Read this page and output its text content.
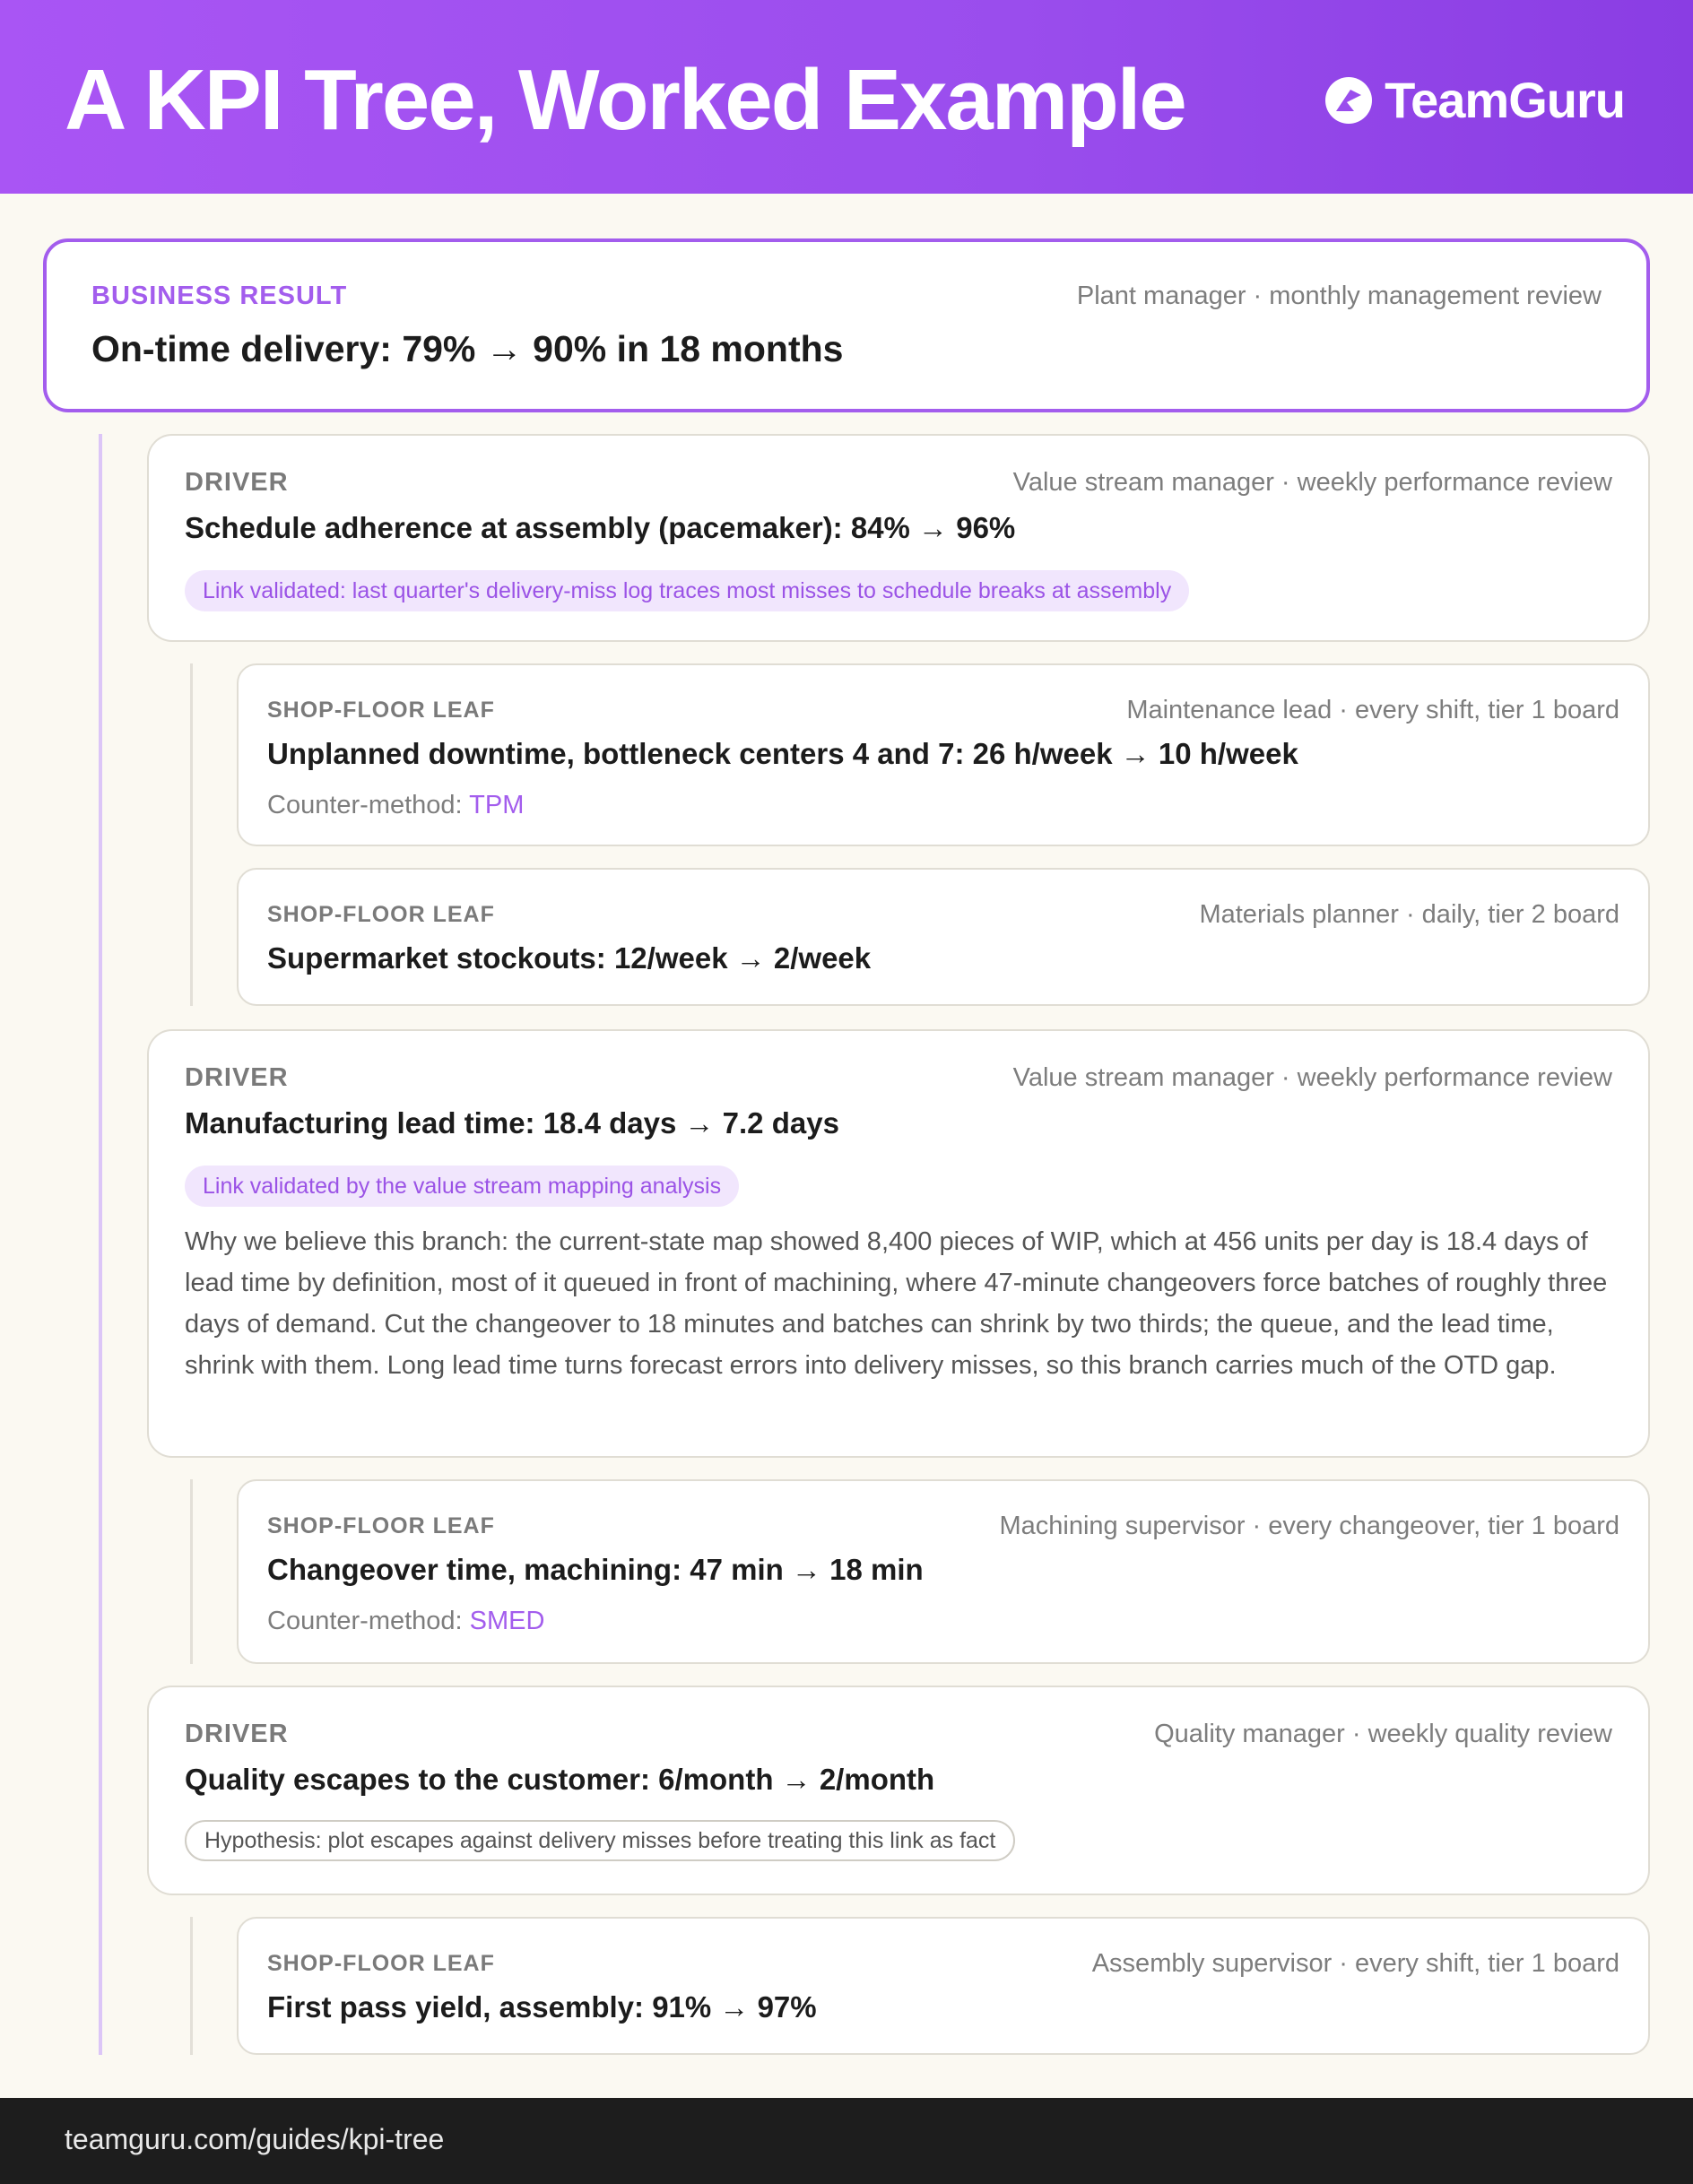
A KPI Tree, Worked Example	TeamGuru
BUSINESS RESULT	Plant manager · monthly management review
On-time delivery: 79% → 90% in 18 months
DRIVER	Value stream manager · weekly performance review
Schedule adherence at assembly (pacemaker): 84% → 96%
Link validated: last quarter's delivery-miss log traces most misses to schedule breaks at assembly
SHOP-FLOOR LEAF	Maintenance lead · every shift, tier 1 board
Unplanned downtime, bottleneck centers 4 and 7: 26 h/week → 10 h/week
Counter-method: TPM
SHOP-FLOOR LEAF	Materials planner · daily, tier 2 board
Supermarket stockouts: 12/week → 2/week
DRIVER	Value stream manager · weekly performance review
Manufacturing lead time: 18.4 days → 7.2 days
Link validated by the value stream mapping analysis
Why we believe this branch: the current-state map showed 8,400 pieces of WIP, which at 456 units per day is 18.4 days of lead time by definition, most of it queued in front of machining, where 47-minute changeovers force batches of roughly three days of demand. Cut the changeover to 18 minutes and batches can shrink by two thirds; the queue, and the lead time, shrink with them. Long lead time turns forecast errors into delivery misses, so this branch carries much of the OTD gap.
SHOP-FLOOR LEAF	Machining supervisor · every changeover, tier 1 board
Changeover time, machining: 47 min → 18 min
Counter-method: SMED
DRIVER	Quality manager · weekly quality review
Quality escapes to the customer: 6/month → 2/month
Hypothesis: plot escapes against delivery misses before treating this link as fact
SHOP-FLOOR LEAF	Assembly supervisor · every shift, tier 1 board
First pass yield, assembly: 91% → 97%
teamguru.com/guides/kpi-tree
